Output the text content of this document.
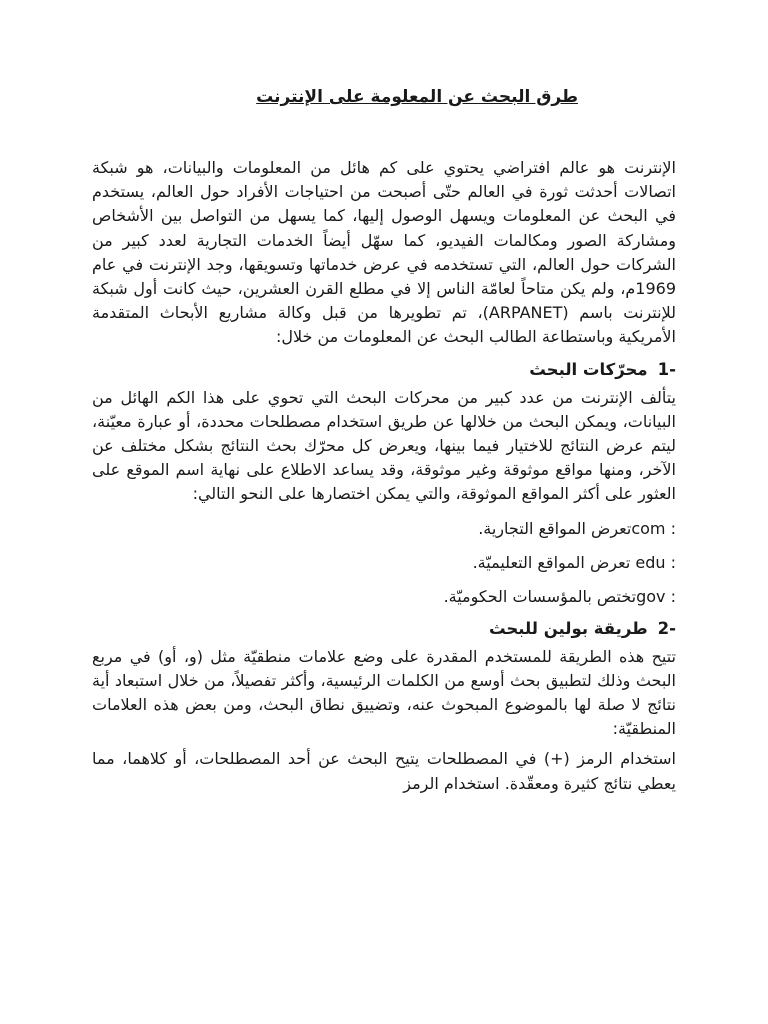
طرق البحث عن المعلومة على الإنترنت

الإنترنت هو عالم افتراضي يحتوي على كم هائل من المعلومات والبيانات، هو شبكة اتصالات أحدثت ثورة في العالم حتّى أصبحت من احتياجات الأفراد حول العالم، يستخدم في البحث عن المعلومات ويسهل الوصول إليها، كما يسهل من التواصل بين الأشخاص ومشاركة الصور ومكالمات الفيديو، كما سهّل أيضاً الخدمات التجارية لعدد كبير من الشركات حول العالم، التي تستخدمه في عرض خدماتها وتسويقها، وجد الإنترنت في عام 1969م، ولم يكن متاحاً لعامّة الناس إلا في مطلع القرن العشرين، حيث كانت أول شبكة للإنترنت باسم (ARPANET)، تم تطويرها من قبل وكالة مشاريع الأبحاث المتقدمة الأمريكية وباستطاعة الطالب البحث عن المعلومات من خلال:

-1
محرّكات البحث

يتألف الإنترنت من عدد كبير من محركات البحث التي تحوي على هذا الكم الهائل من البيانات، ويمكن البحث من خلالها عن طريق استخدام مصطلحات محددة، أو عبارة معيّنة، ليتم عرض النتائج للاختيار فيما بينها، ويعرض كل محرّك بحث النتائج بشكل مختلف عن الآخر، ومنها مواقع موثوقة وغير موثوقة، وقد يساعد الاطلاع على نهاية اسم الموقع على العثور على أكثر المواقع الموثوقة، والتي يمكن اختصارها على النحو التالي:

: comتعرض المواقع التجارية.
: edu تعرض المواقع التعليميّة.
: govتختص بالمؤسسات الحكوميّة.
-2
طريقة بولين للبحث

تتيح هذه الطريقة للمستخدم المقدرة على وضع علامات منطقيّة مثل (و، أو) في مربع البحث وذلك لتطبيق بحث أوسع من الكلمات الرئيسية، وأكثر تفصيلاً، من خلال استبعاد أية نتائج لا صلة لها بالموضوع المبحوث عنه، وتضييق نطاق البحث، ومن بعض هذه العلامات المنطقيّة:

استخدام الرمز (+) في المصطلحات يتيح البحث عن أحد المصطلحات، أو كلاهما، مما يعطي نتائج كثيرة ومعقّدة. استخدام الرمز
